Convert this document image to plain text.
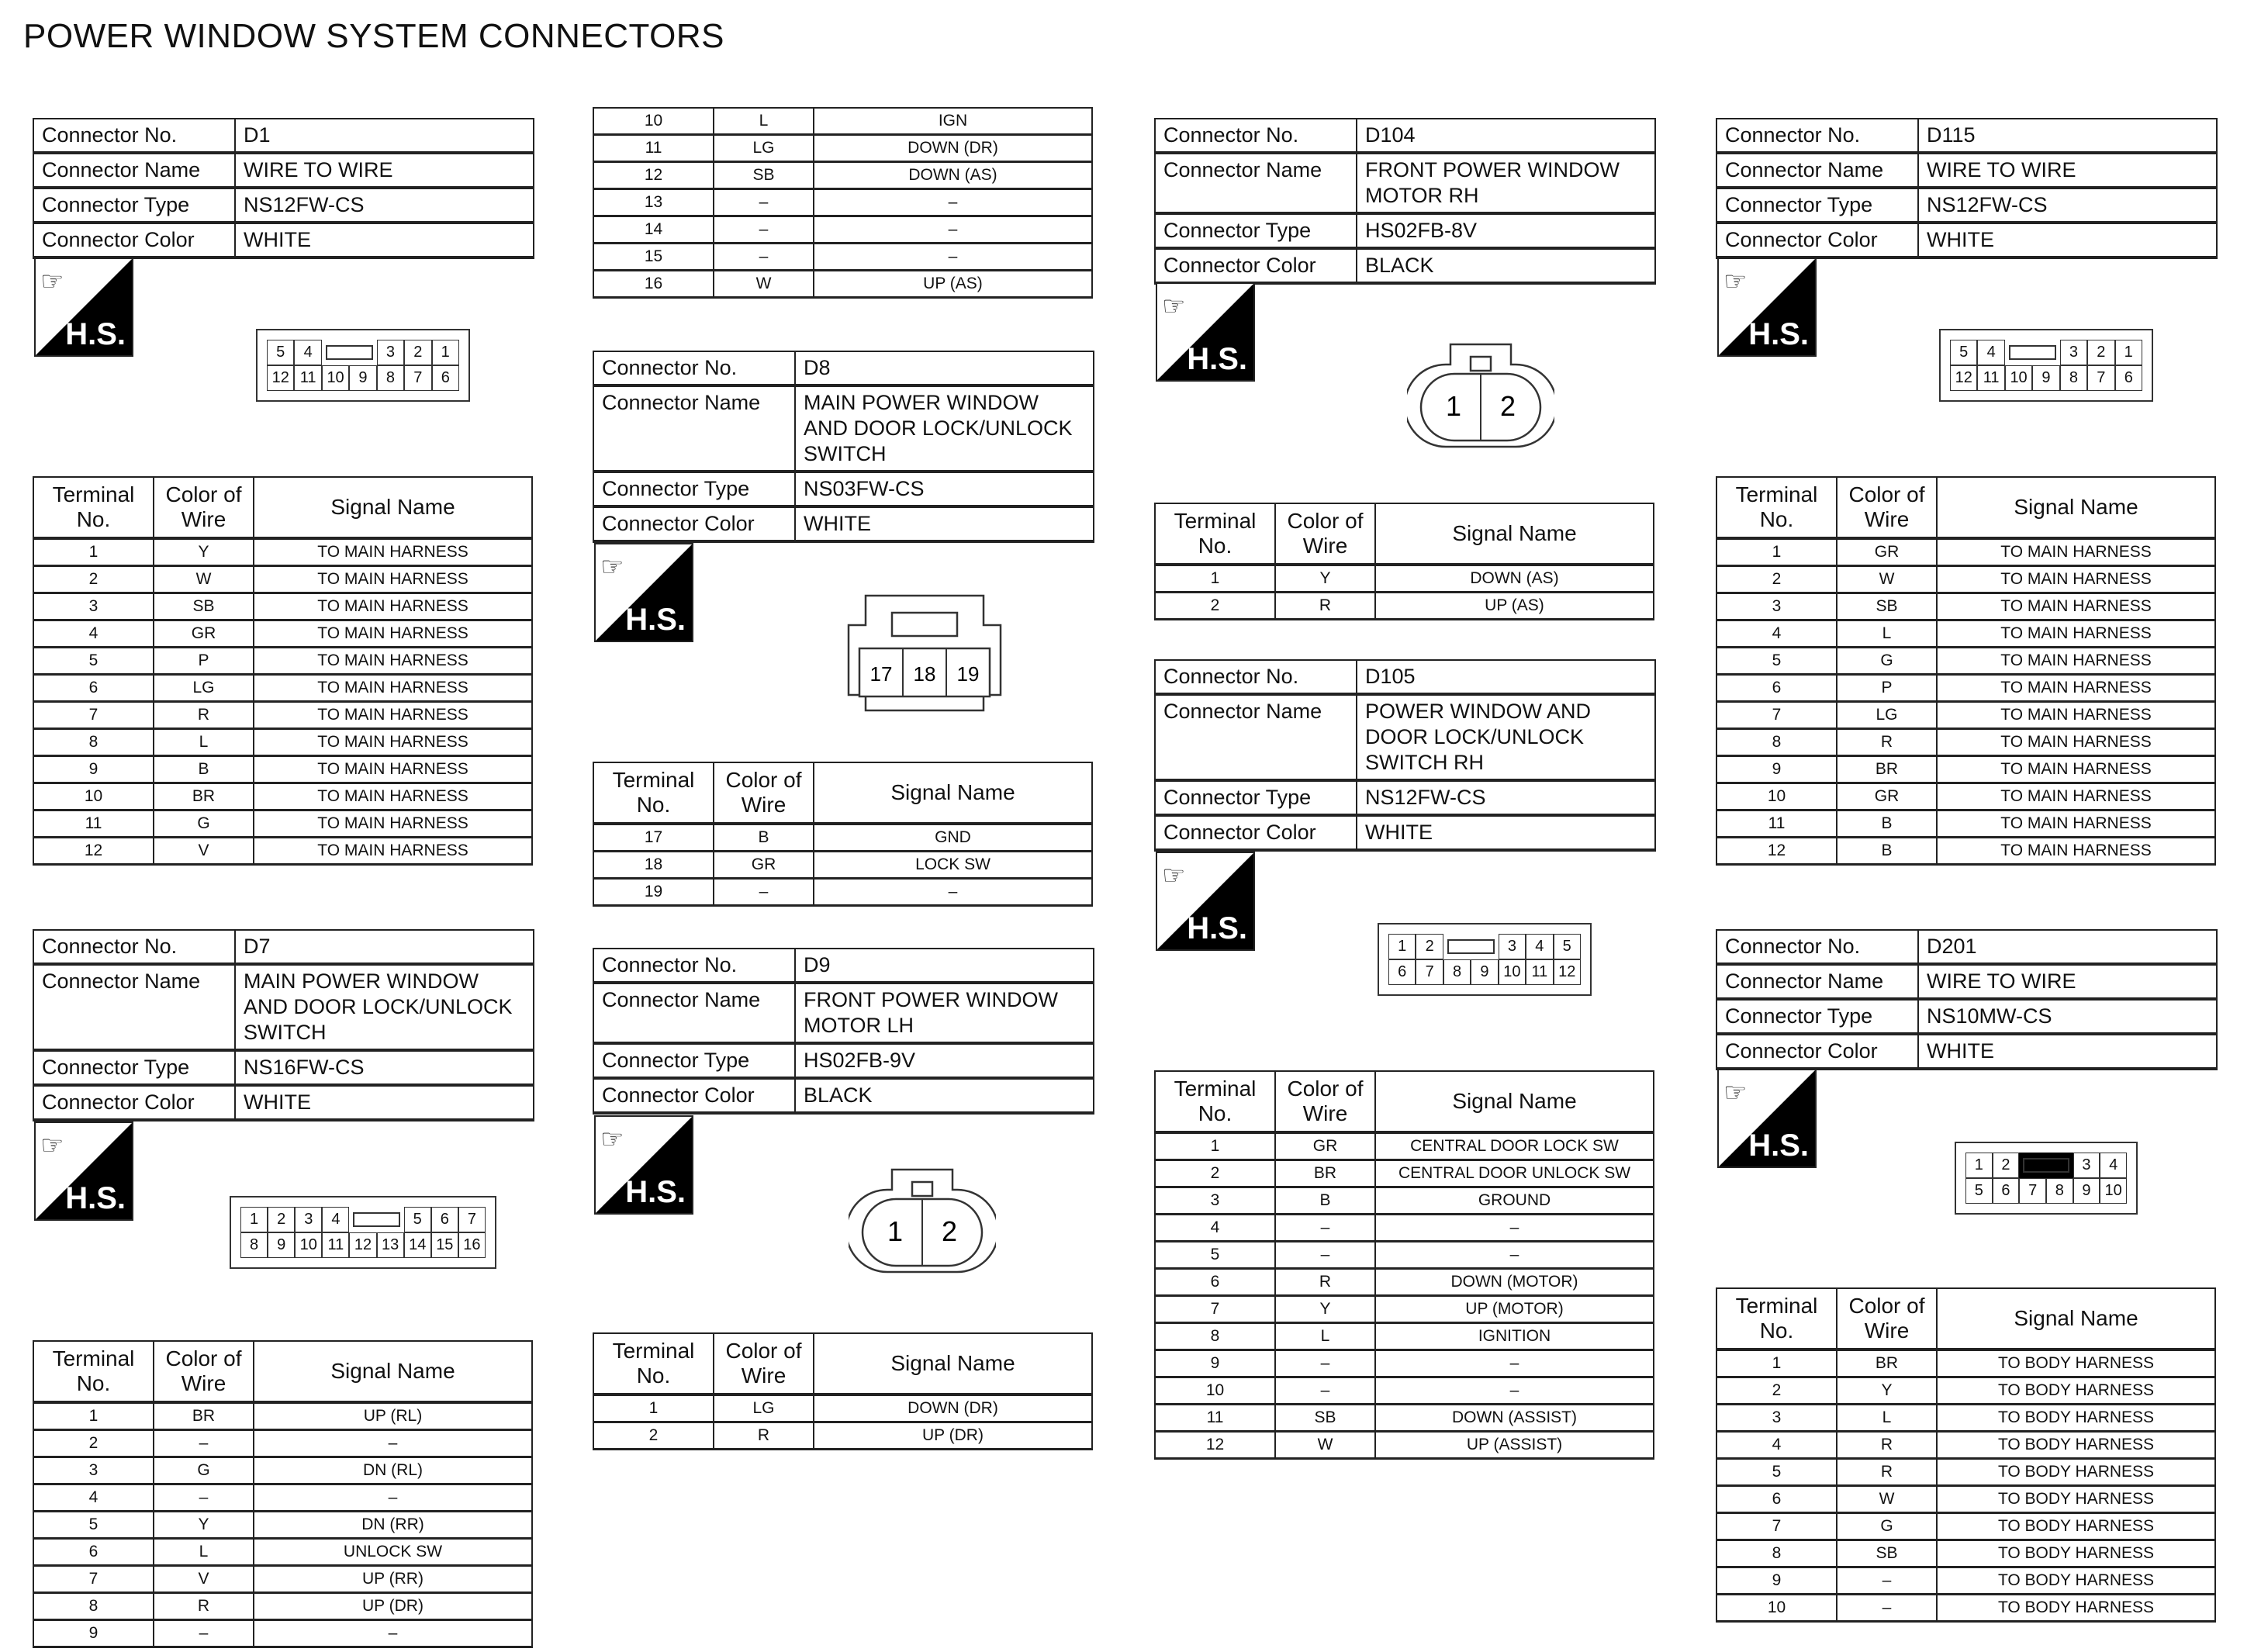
POWER WINDOW SYSTEM CONNECTORS
Connector No.	D1
Connector Name	WIRE TO WIRE
Connector Type	NS12FW-CS
Connector Color	WHITE
Connector No.	D7
Connector Name	MAIN POWER WINDOW AND DOOR LOCK/UNLOCK SWITCH
Connector Type	NS16FW-CS
Connector Color	WHITE
Connector No.	D8
Connector Name	MAIN POWER WINDOW AND DOOR LOCK/UNLOCK SWITCH
Connector Type	NS03FW-CS
Connector Color	WHITE
Connector No.	D9
Connector Name	FRONT POWER WINDOW MOTOR LH
Connector Type	HS02FB-9V
Connector Color	BLACK
Connector No.	D104
Connector Name	FRONT POWER WINDOW MOTOR RH
Connector Type	HS02FB-8V
Connector Color	BLACK
Connector No.	D105
Connector Name	POWER WINDOW AND DOOR LOCK/UNLOCK SWITCH RH
Connector Type	NS12FW-CS
Connector Color	WHITE
Connector No.	D115
Connector Name	WIRE TO WIRE
Connector Type	NS12FW-CS
Connector Color	WHITE
Connector No.	D201
Connector Name	WIRE TO WIRE
Connector Type	NS10MW-CS
Connector Color	WHITE
☞
H.S.
☞
H.S.
☞
H.S.
☞
H.S.
☞
H.S.
☞
H.S.
☞
H.S.
☞
H.S.
5	4	3	2	1
12 11 10 9	8	7	6
1	2	3	4	5	6	7
8	9 10 11 12 13 14 15 16
1	2	3	4	5
6	7	8	9 10 11 12
5	4	3	2	1
12 11 10 9	8	7	6
1	2	3	4
5	6	7	8	9 10
17 18 19
1 2
1 2
Terminal No.	Color of Wire	Signal Name
1	Y	TO MAIN HARNESS
2	W	TO MAIN HARNESS
3	SB	TO MAIN HARNESS
4	GR	TO MAIN HARNESS
5	P	TO MAIN HARNESS
6	LG	TO MAIN HARNESS
7	R	TO MAIN HARNESS
8	L	TO MAIN HARNESS
9	B	TO MAIN HARNESS
10	BR	TO MAIN HARNESS
11	G	TO MAIN HARNESS
12	V	TO MAIN HARNESS
Terminal No.	Color of Wire	Signal Name
1	BR	UP (RL)
2	–	–
3	G	DN (RL)
4	–	–
5	Y	DN (RR)
6	L	UNLOCK SW
7	V	UP (RR)
8	R	UP (DR)
9	–	–
10	L	IGN
11	LG	DOWN (DR)
12	SB	DOWN (AS)
13	–	–
14	–	–
15	–	–
16	W	UP (AS)
Terminal No.	Color of Wire	Signal Name
17	B	GND
18	GR	LOCK SW
19	–	–
Terminal No.	Color of Wire	Signal Name
1	LG	DOWN (DR)
2	R	UP (DR)
Terminal No.	Color of Wire	Signal Name
1	Y	DOWN (AS)
2	R	UP (AS)
Terminal No.	Color of Wire	Signal Name
1	GR	CENTRAL DOOR LOCK SW
2	BR	CENTRAL DOOR UNLOCK SW
3	B	GROUND
4	–	–
5	–	–
6	R	DOWN (MOTOR)
7	Y	UP (MOTOR)
8	L	IGNITION
9	–	–
10	–	–
11	SB	DOWN (ASSIST)
12	W	UP (ASSIST)
Terminal No.	Color of Wire	Signal Name
1	GR	TO MAIN HARNESS
2	W	TO MAIN HARNESS
3	SB	TO MAIN HARNESS
4	L	TO MAIN HARNESS
5	G	TO MAIN HARNESS
6	P	TO MAIN HARNESS
7	LG	TO MAIN HARNESS
8	R	TO MAIN HARNESS
9	BR	TO MAIN HARNESS
10	GR	TO MAIN HARNESS
11	B	TO MAIN HARNESS
12	B	TO MAIN HARNESS
Terminal No.	Color of Wire	Signal Name
1	BR	TO BODY HARNESS
2	Y	TO BODY HARNESS
3	L	TO BODY HARNESS
4	R	TO BODY HARNESS
5	R	TO BODY HARNESS
6	W	TO BODY HARNESS
7	G	TO BODY HARNESS
8	SB	TO BODY HARNESS
9	–	TO BODY HARNESS
10	–	TO BODY HARNESS
